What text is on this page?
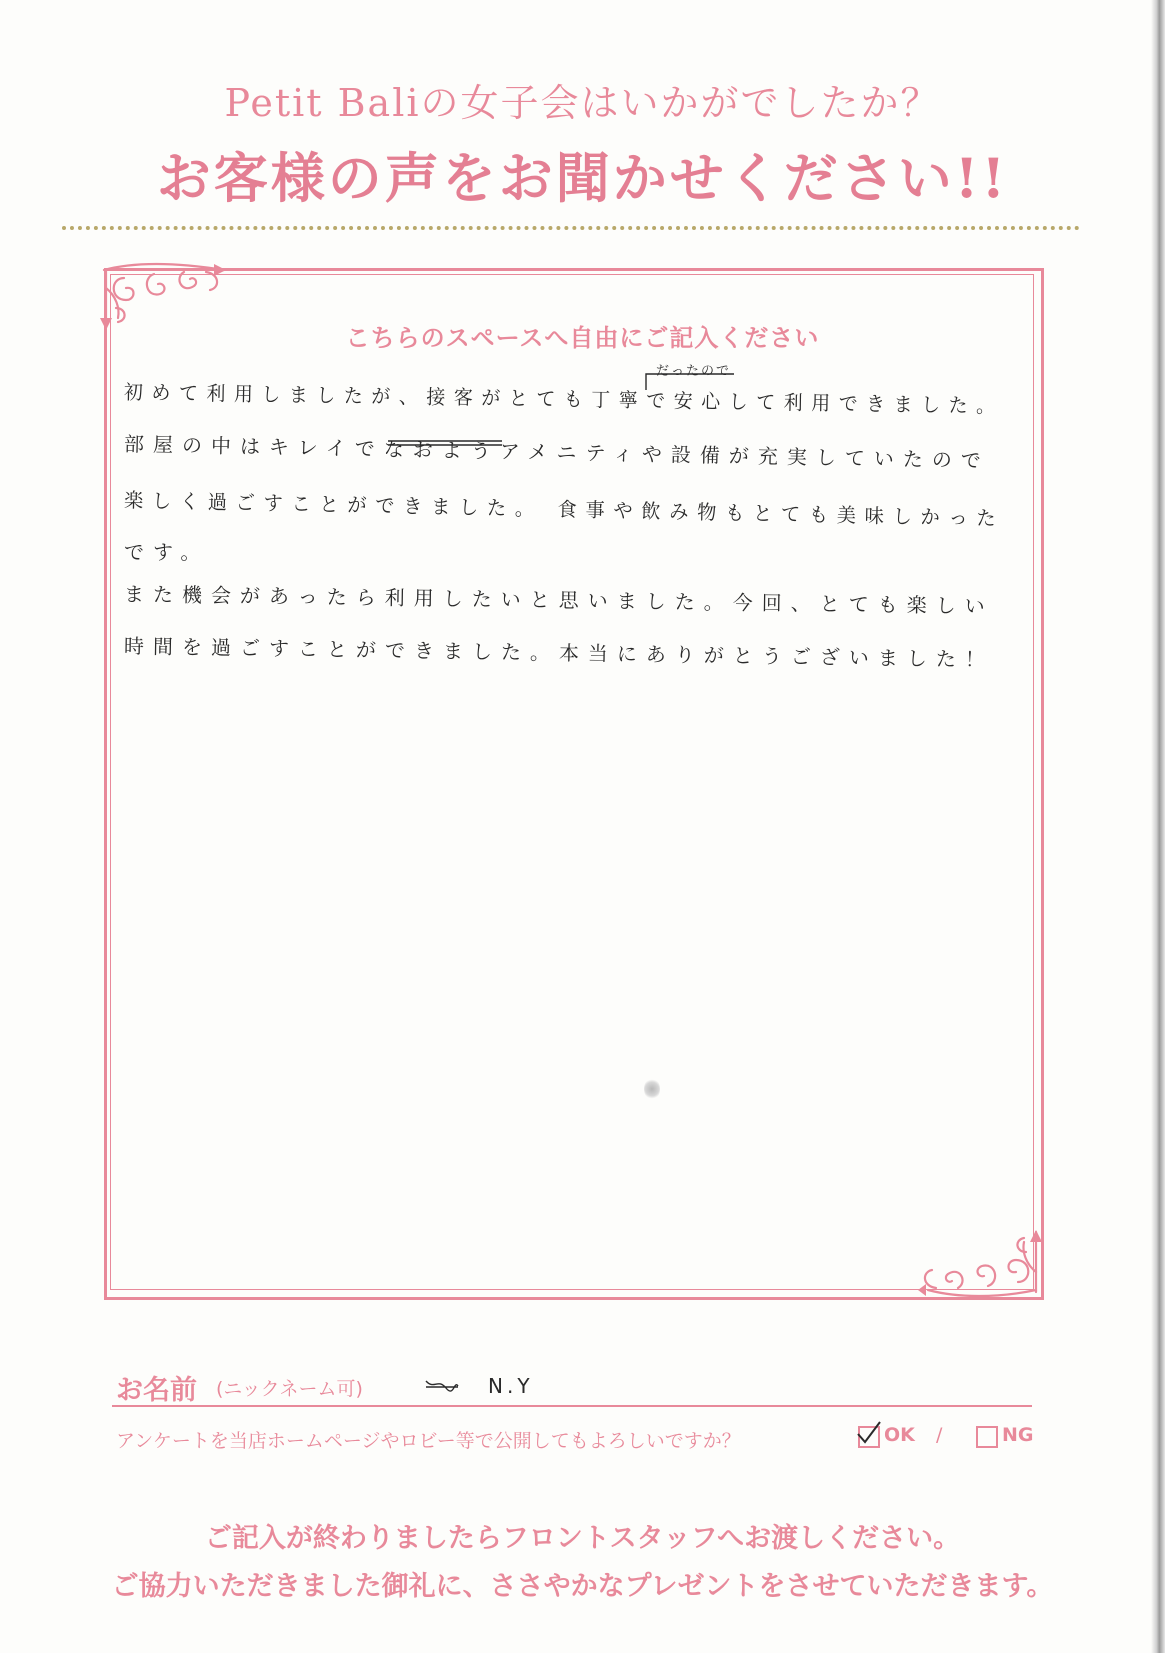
Petit Baliの女子会はいかがでしたか？
お客様の声をお聞かせください!!
こちらのスペースへ自由にご記入ください
だったので
初めて利用しましたが、接客がとても丁寧で安心して利用できました。
部屋の中はキレイでなおようアメニティや設備が充実していたので
楽しく過ごすことができました。 食事や飲み物もとても美味しかった
です。
また機会があったら利用したいと思いました。今回、とても楽しい
時間を過ごすことができました。本当にありがとうございました！
お名前 (ニックネーム可)	N.Y
アンケートを当店ホームページやロビー等で公開してもよろしいですか？	OK /	NG
ご記入が終わりましたらフロントスタッフへお渡しください。
ご協力いただきました御礼に、ささやかなプレゼントをさせていただきます。
